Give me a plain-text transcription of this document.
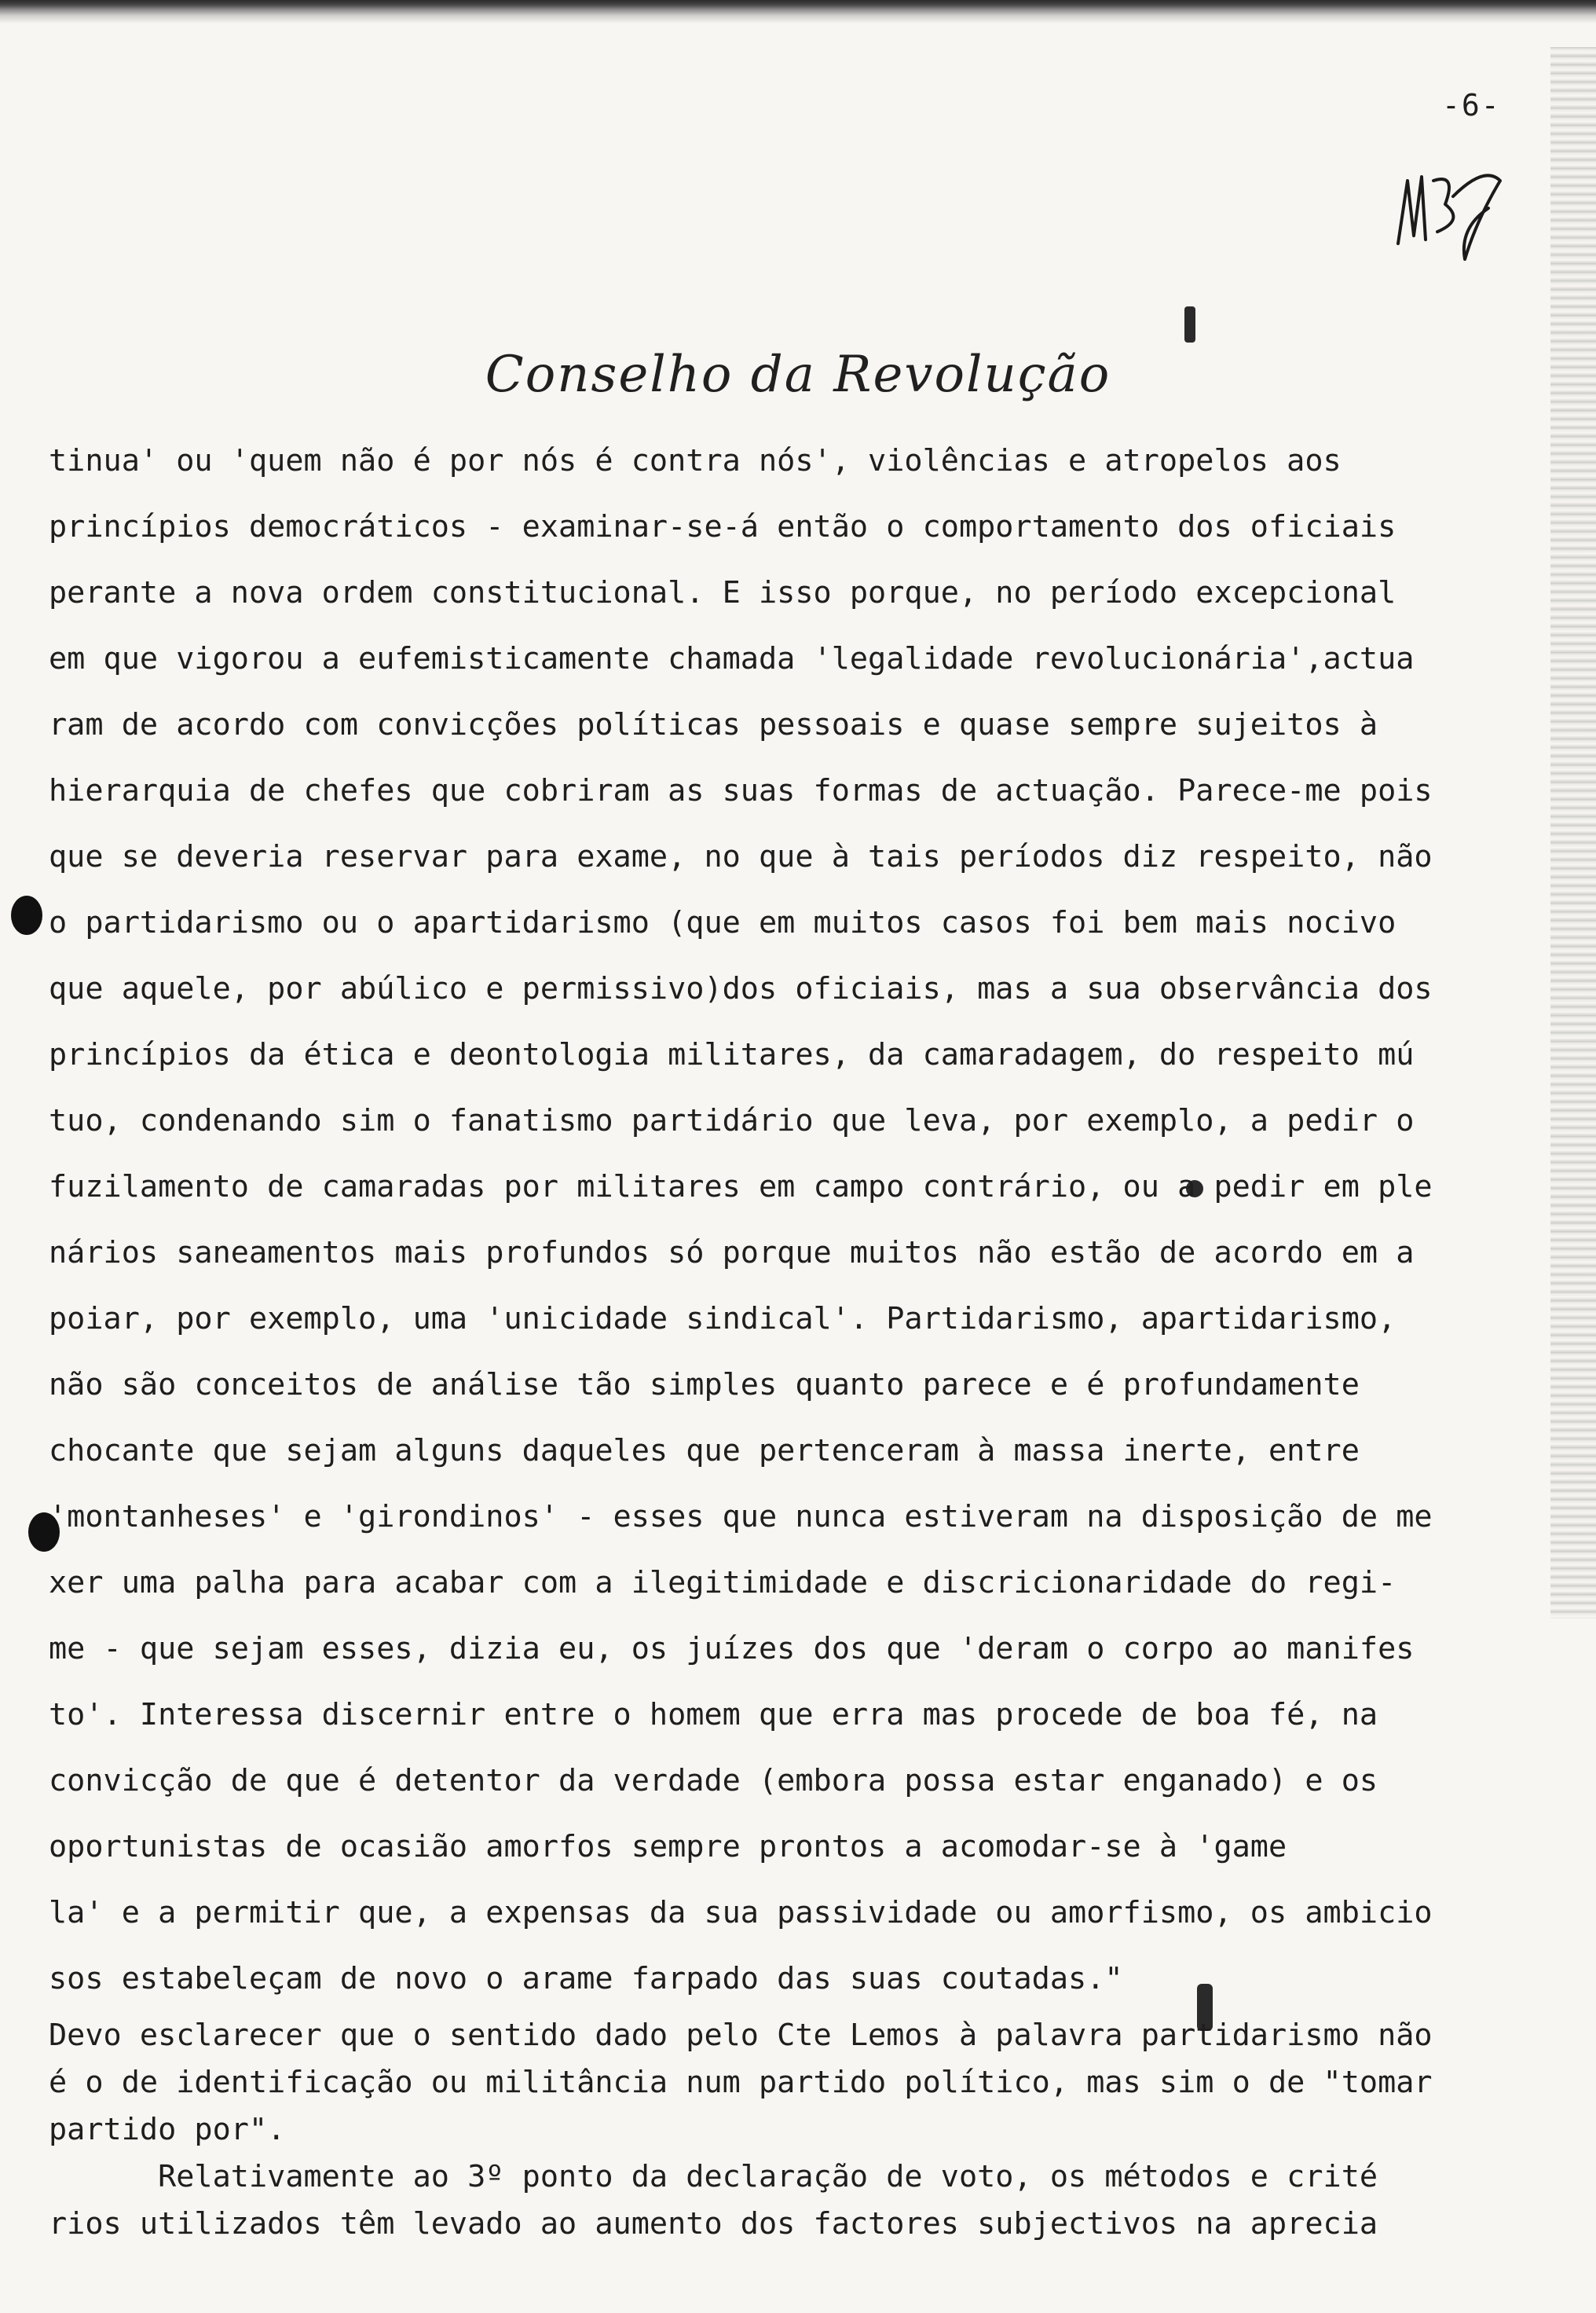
-6-
Conselho da Revolução

tinua' ou 'quem não é por nós é contra nós', violências e atropelos aos

princípios democráticos - examinar-se-á então o comportamento dos oficiais

perante a nova ordem constitucional. E isso porque, no período excepcional

em que vigorou a eufemisticamente chamada 'legalidade revolucionária',actua

ram de acordo com convicções políticas pessoais e quase sempre sujeitos à

hierarquia de chefes que cobriram as suas formas de actuação. Parece-me pois

que se deveria reservar para exame, no que à tais períodos diz respeito, não

o partidarismo ou o apartidarismo (que em muitos casos foi bem mais nocivo

que aquele, por abúlico e permissivo)dos oficiais, mas a sua observância dos

princípios da ética e deontologia militares, da camaradagem, do respeito mú

tuo, condenando sim o fanatismo partidário que leva, por exemplo, a pedir o

fuzilamento de camaradas por militares em campo contrário, ou a pedir em ple

nários saneamentos mais profundos só porque muitos não estão de acordo em a

poiar, por exemplo, uma 'unicidade sindical'. Partidarismo, apartidarismo,

não são conceitos de análise tão simples quanto parece e é profundamente

chocante que sejam alguns daqueles que pertenceram à massa inerte, entre

'montanheses' e 'girondinos' - esses que nunca estiveram na disposição de me

xer uma palha para acabar com a ilegitimidade e discricionaridade do regi-

me - que sejam esses, dizia eu, os juízes dos que 'deram o corpo ao manifes

to'. Interessa discernir entre o homem que erra mas procede de boa fé, na

convicção de que é detentor da verdade (embora possa estar enganado) e os

oportunistas de ocasião amorfos sempre prontos a acomodar-se à 'game

la' e a permitir que, a expensas da sua passividade ou amorfismo, os ambicio

sos estabeleçam de novo o arame farpado das suas coutadas."

Devo esclarecer que o sentido dado pelo Cte Lemos à palavra partidarismo não

é o de identificação ou militância num partido político, mas sim o de "tomar

partido por".

Relativamente ao 3º ponto da declaração de voto, os métodos e crité

rios utilizados têm levado ao aumento dos factores subjectivos na aprecia
